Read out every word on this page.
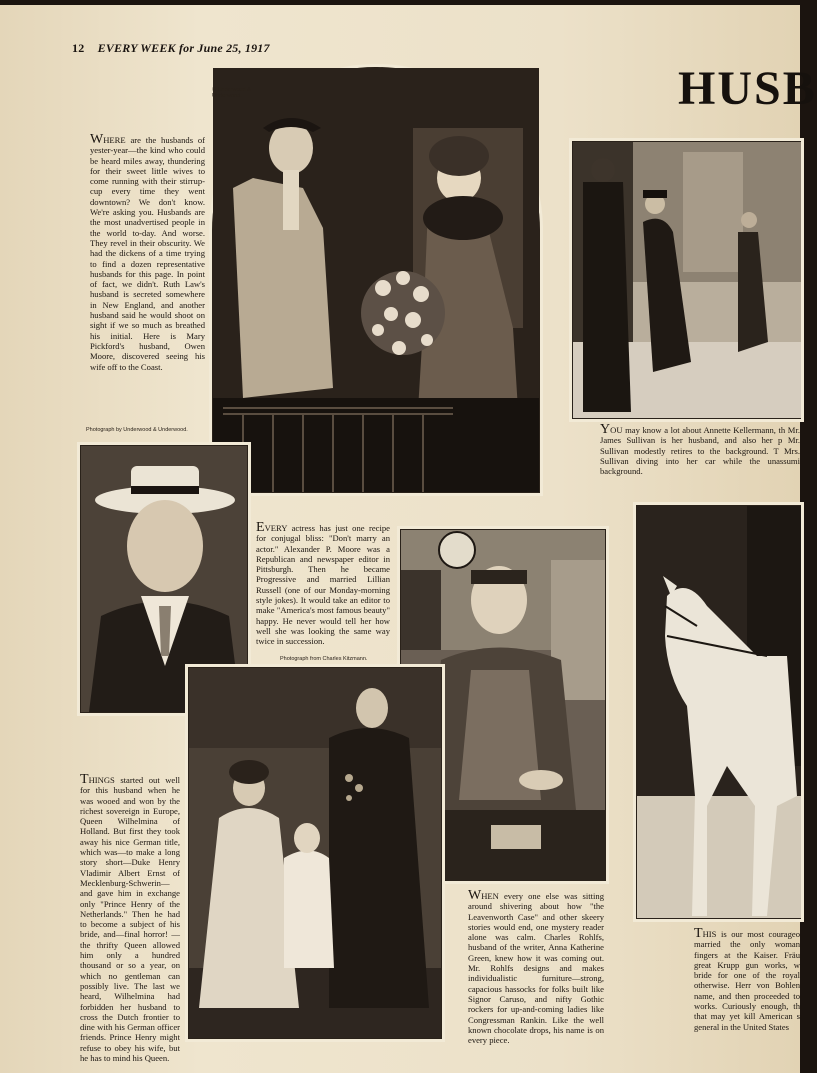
12 EVERY WEEK for June 25, 1917
HUSB
© Underwood & Underwood.
Photograph by Underwood & Underwood.
WHERE are the husbands of yester-year—the kind who could be heard miles away, thundering for their sweet little wives to come running with their stirrup-cup every time they went downtown? We don't know. We're asking you. Husbands are the most unadvertised people in the world to-day. And worse. They revel in their obscurity. We had the dickens of a time trying to find a dozen representative husbands for this page. In point of fact, we didn't. Ruth Law's husband is secreted somewhere in New England, and another husband said he would shoot on sight if we so much as breathed his initial. Here is Mary Pickford's husband, Owen Moore, discovered seeing his wife off to the Coast.
YOU may know a lot about Annette Kellermann, th Mr. James Sullivan is her husband, and also her p Mr. Sullivan modestly retires to the background. T Mrs. Sullivan diving into her car while the unassumi background.
EVERY actress has just one recipe for conjugal bliss: "Don't marry an actor." Alexander P. Moore was a Republican and newspaper editor in Pittsburgh. Then he became Progressive and married Lillian Russell (one of our Monday-morning style jokes). It would take an editor to make "America's most famous beauty" happy. He never would tell her how well she was looking the same way twice in succession.
Photograph from Charles Kitzmann.
THINGS started out well for this husband when he was wooed and won by the richest sovereign in Europe, Queen Wilhelmina of Holland. But first they took away his nice German title, which was—to make a long story short—Duke Henry Vladimir Albert Ernst of Mecklenburg-Schwerin—and gave him in exchange only "Prince Henry of the Netherlands." Then he had to become a subject of his bride, and—final horror! —the thrifty Queen allowed him only a hundred thousand or so a year, on which no gentleman can possibly live. The last we heard, Wilhelmina had forbidden her husband to cross the Dutch frontier to dine with his German officer friends. Prince Henry might refuse to obey his wife, but he has to mind his Queen.
WHEN every one else was sitting around shivering about how "the Leavenworth Case" and other skeery stories would end, one mystery reader alone was calm. Charles Rohlfs, husband of the writer, Anna Katherine Green, knew how it was coming out. Mr. Rohlfs designs and makes individualistic furniture—strong, capacious hassocks for folks built like Signor Caruso, and nifty Gothic rockers for up-and-coming ladies like Congressman Rankin. Like the well known chocolate drops, his name is on every piece.
THIS is our most courageo married the only woman fingers at the Kaiser. Fräu great Krupp gun works, w bride for one of the royal otherwise. Herr von Bohlen name, and then proceeded to works. Curiously enough, th that may yet kill American s general in the United States
